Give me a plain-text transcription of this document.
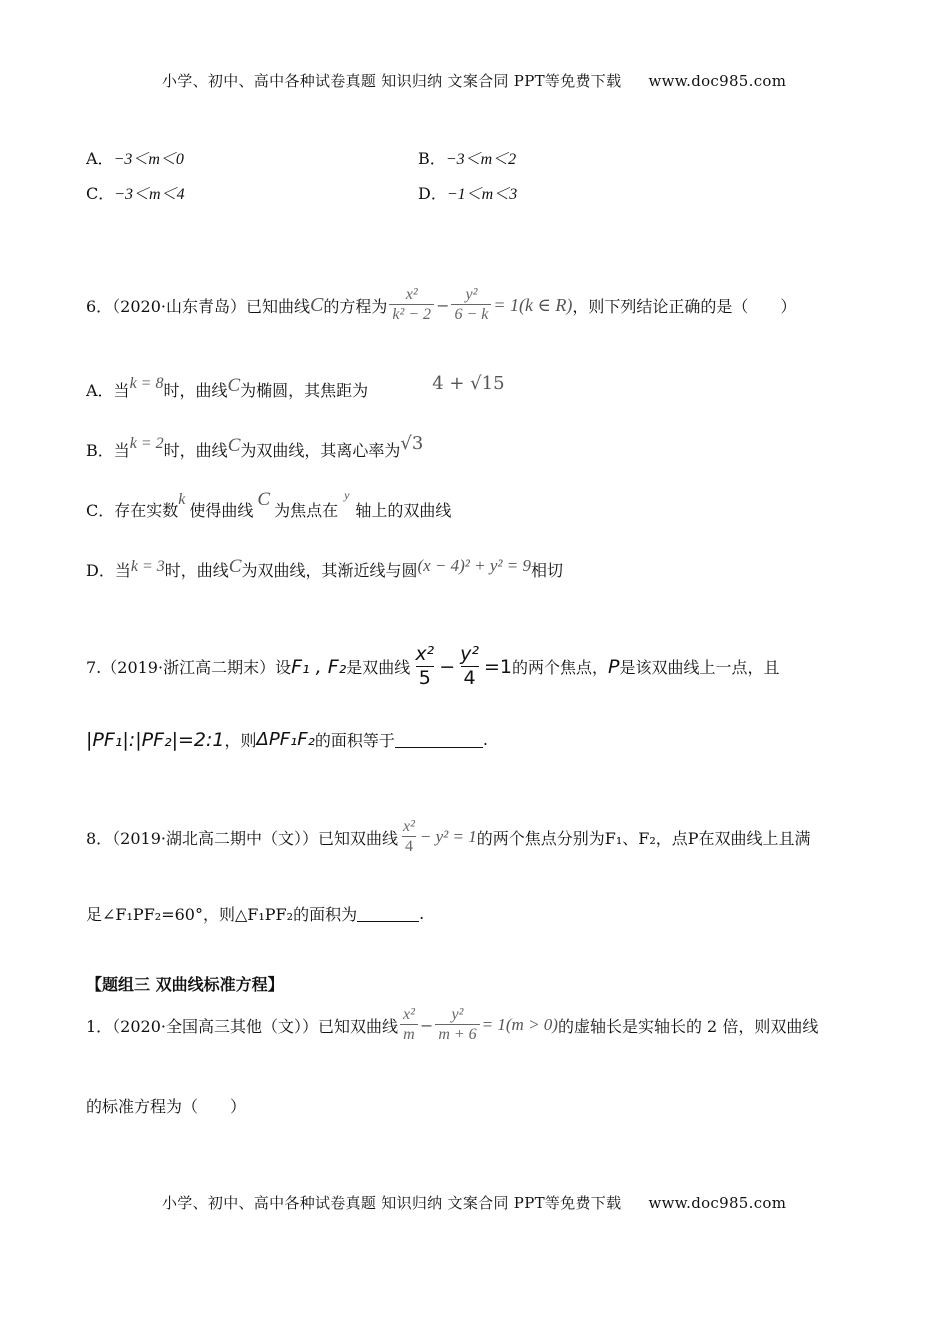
小学、初中、高中各种试卷真题 知识归纳 文案合同 PPT等免费下载 www.doc985.com
A．−3＜m＜0	B．−3＜m＜2
C．−3＜m＜4	D．−1＜m＜3
6．（2020·山东青岛）已知曲线 C 的方程为 $\frac{\text{x²}}{\text{k² − 2}} - \frac{\text{y²}}{6 - k} = 1(k$ ∈ R) ，则下列结论正确的是（　　）
A．当 k = 8 时，曲线 C 为椭圆，其焦距为	4 + √15
B．当 k = 2 时，曲线 C 为双曲线，其离心率为 √3
C．存在实数
k
使得曲线
C
为焦点在
y
轴上的双曲线
D．当 k = 3 时，曲线 C 为双曲线，其渐近线与圆 (x − 4)² + y² = 9 相切
7.（2019·浙江高二期末）设 F₁ , F₂ 是双曲线 $\frac{\text{x²}}{5} - \frac{\text{y²}}{4} =1$ 的两个焦点， P 是该双曲线上一点，且
|PF₁|:|PF₂|=2:1 ，则 ΔPF₁F₂ 的面积等于	.
8．（2019·湖北高二期中（文））已知双曲线 $\frac{\text{x²}}{4} - y^2 = 1$ 的两个焦点分别为F₁、F₂，点P在双曲线上且满
足∠F₁PF₂=60°，则△F₁PF₂的面积为	.
【题组三 双曲线标准方程】
1．（2020·全国高三其他（文））已知双曲线 $\frac{\text{x²}}{m} - \frac{\text{y²}}{m + 6} = 1(m > 0)$ 的虚轴长是实轴长的 2 倍，则双曲线
的标准方程为（　　）
小学、初中、高中各种试卷真题 知识归纳 文案合同 PPT等免费下载 www.doc985.com
